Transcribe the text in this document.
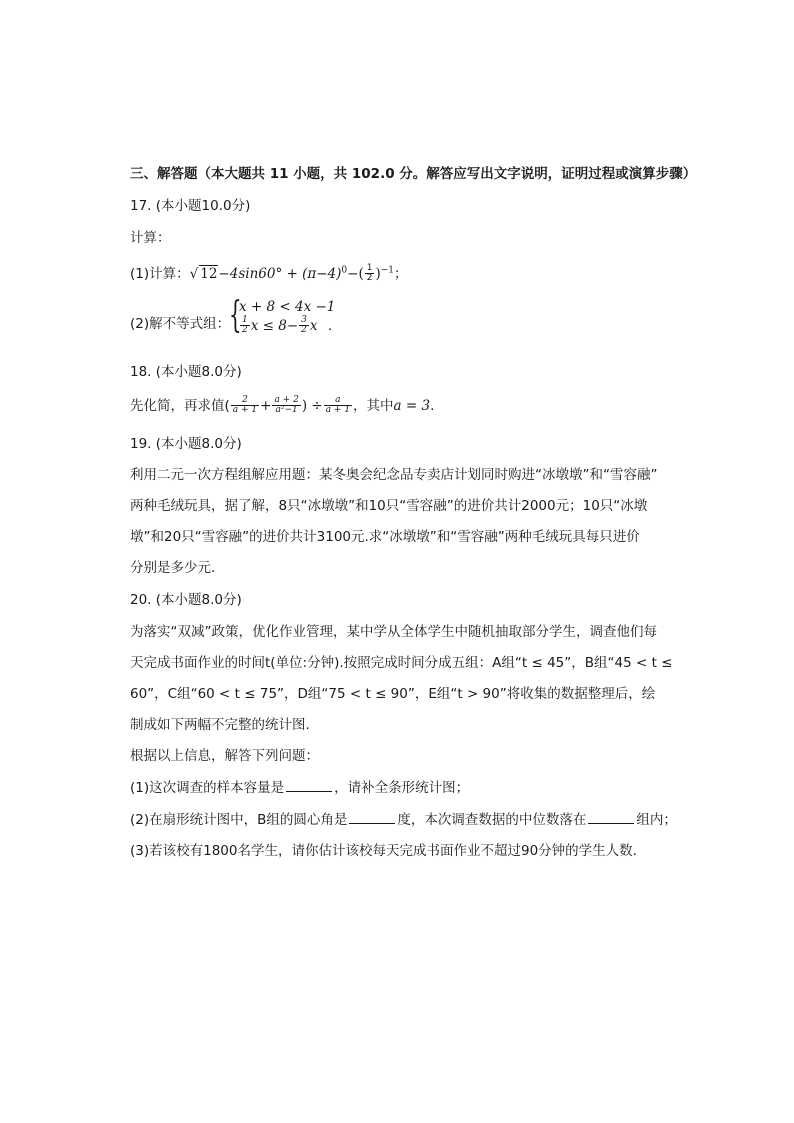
三、解答题（本大题共 11 小题，共 102.0 分。解答应写出文字说明，证明过程或演算步骤）
17. (本小题10.0分)
计算：
(1)计算：√ $12-4\sin 60^\circ + (\pi-4)^0-( \frac{1}{2} )^{-1}$；
(2)解不等式组：
{
x + 8 < 4x −1
$\frac{1}{2}$ $x \le 8- \frac{3}{2}$ x .
18. (本小题8.0分)
先化简，再求值( $\frac{2}{a + 1} + \frac{a + 2}{\text{a²−1}}$ ) ÷ $\frac{a}{a + 1}$ ，其中a = 3.
19. (本小题8.0分)
利用二元一次方程组解应用题：某冬奥会纪念品专卖店计划同时购进“冰墩墩”和“雪容融”
两种毛绒玩具，据了解，8只“冰墩墩”和10只“雪容融”的进价共计2000元；10只“冰墩
墩”和20只“雪容融”的进价共计3100元.求“冰墩墩”和“雪容融”两种毛绒玩具每只进价
分别是多少元.
20. (本小题8.0分)
为落实“双减”政策，优化作业管理，某中学从全体学生中随机抽取部分学生，调查他们每
天完成书面作业的时间t(单位:分钟).按照完成时间分成五组：A组“t ≤ 45”，B组“45 < t ≤
60”，C组“60 < t ≤ 75”，D组“75 < t ≤ 90”，E组“t > 90”将收集的数据整理后，绘
制成如下两幅不完整的统计图.
根据以上信息，解答下列问题：
(1)这次调查的样本容量是	，请补全条形统计图；
(2)在扇形统计图中，B组的圆心角是	度，本次调查数据的中位数落在	组内；
(3)若该校有1800名学生，请你估计该校每天完成书面作业不超过90分钟的学生人数.
